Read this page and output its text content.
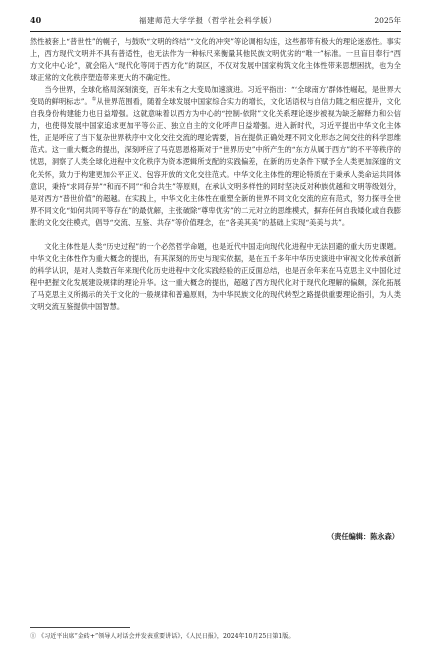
40	福建师范大学学报（哲学社会科学版）	2025年

然性被套上“普世性”的幌子，与鼓吹“文明的终结”“文化的冲突”等论调相勾连，这些都带有极大的理论迷惑性。事实上，西方现代文明并不具有普适性，也无法作为一种标尺来衡量其他民族文明优劣的“唯一”标准。一旦盲目奉行“西方文化中心论”，就会陷入“现代化等同于西方化”的误区，不仅对发展中国家构筑文化主体性带来思想困扰，也为全球正常的文化秩序塑造带来更大的不确定性。

当今世界，全球化格局深刻演变，百年未有之大变局加速演进。习近平指出：“‘全球南方’群体性崛起，是世界大变局的鲜明标志”。①从世界范围看，随着全球发展中国家综合实力的增长，文化话语权与自信力随之相应提升，文化自我身份构建能力也日益增强。这就意味着以西方为中心的“控制-依附”文化关系理论逐步被视为缺乏解释力和公信力，也使得发展中国家追求更加平等公正、独立自主的文化呼声日益增强。进入新时代，习近平提出中华文化主体性，正是呼应了当下复杂世界秩序中文化交往交流的理论需要，旨在提供正确处理不同文化形态之间交往的科学思维范式。这一重大概念的提出，深刻呼应了马克思恩格斯对于“世界历史”中所产生的“东方从属于西方”的不平等秩序的忧思，洞察了人类全球化进程中文化秩序为资本逻辑所支配的实践偏差，在新的历史条件下赋予全人类更加深邃的文化关怀，致力于构建更加公平正义、包容开放的文化交往范式。中华文化主体性的理论特质在于秉承人类命运共同体意识，秉持“求同存异”“和而不同”“和合共生”等原则，在承认文明多样性的同时坚决反对种族优越和文明等级划分，是对西方“普世价值”的超越。在实践上，中华文化主体性在重塑全新的世界不同文化交流的应有范式，努力探寻全世界不同文化“如何共同平等存在”的最优解，主张破除“尊卑优劣”的二元对立的思维模式，摒弃任何自我矮化或自我膨胀的文化交往模式，倡导“交流、互鉴、共存”等价值理念，在“各美其美”的基础上实现“美美与共”。

文化主体性是人类“历史过程”的一个必然哲学命题，也是近代中国走向现代化进程中无法回避的重大历史课题。中华文化主体性作为重大概念的提出，有其深刻的历史与现实依据，是在五千多年中华历史演进中审视文化传承创新的科学认识，是对人类数百年来现代化历史进程中文化实践经验的正反面总结，也是百余年来在马克思主义中国化过程中把握文化发展建设规律的理论升华。这一重大概念的提出，超越了西方现代化对于现代化理解的偏颇，深化拓展了马克思主义所揭示的关于文化的一般规律和普遍原则，为中华民族文化的现代转型之路提供重要理论指引，为人类文明交流互鉴提供中国智慧。

（责任编辑：陈永森）
① 《习近平出席“金砖+”领导人对话会并发表重要讲话》，《人民日报》，2024年10月25日第1版。
